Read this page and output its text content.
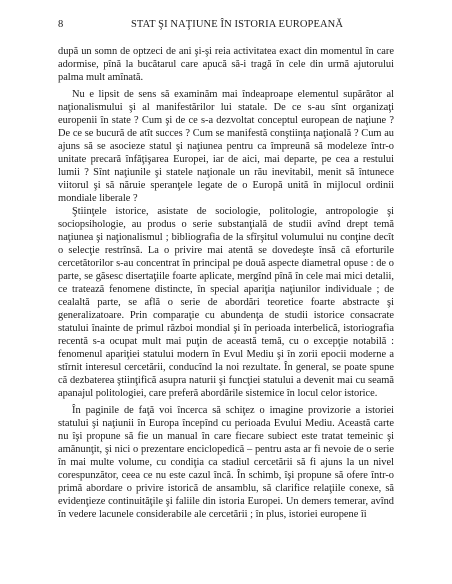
8	STAT ŞI NAŢIUNE ÎN ISTORIA EUROPEANĂ

după un somn de optzeci de ani şi-şi reia activitatea exact din momentul în care adormise, pînă la bucătarul care apucă să-i tragă în cele din urmă ajutorului palma mult amînată.

Nu e lipsit de sens să examinăm mai îndeaproape elementul supărător al naţionalismului şi al manifestărilor lui statale. De ce s-au sînt organizaţi europenii în state ? Cum şi de ce s-a dezvoltat conceptul european de naţiune ? De ce se bucură de atît succes ? Cum se manifestă conştiinţa naţională ? Cum au ajuns să se asocieze statul şi naţiunea pentru ca împreună să modeleze într-o unitate precară înfăţişarea Europei, iar de aici, mai departe, pe cea a restului lumii ? Sînt naţiunile şi statele naţionale un rău inevitabil, menit să întunece viitorul şi să năruie speranţele legate de o Europă unită în mijlocul ordinii mondiale liberale ?

Ştiinţele istorice, asistate de sociologie, politologie, antropologie şi sociopsihologie, au produs o serie substanţială de studii avînd drept temă naţiunea şi naţionalismul ; bibliografia de la sfîrşitul volumului nu conţine decît o selecţie restrînsă. La o privire mai atentă se dovedeşte însă că eforturile cercetătorilor s-au concentrat în principal pe două aspecte diametral opuse : de o parte, se găsesc disertaţiile foarte aplicate, mergînd pînă în cele mai mici detalii, ce tratează fenomene distincte, în special apariţia naţiunilor individuale ; de cealaltă parte, se află o serie de abordări teoretice foarte abstracte şi generalizatoare. Prin comparaţie cu abundenţa de studii istorice consacrate statului înainte de primul război mondial şi în perioada interbelică, istoriografia recentă s-a ocupat mult mai puţin de această temă, cu o excepţie notabilă : fenomenul apariţiei statului modern în Evul Mediu şi în zorii epocii moderne a stîrnit interesul cercetării, conducînd la noi rezultate. În general, se poate spune că dezbaterea ştiinţifică asupra naturii şi funcţiei statului a devenit mai cu seamă apanajul politologiei, care preferă abordările sistemice în locul celor istorice.

În paginile de faţă voi încerca să schiţez o imagine provizorie a istoriei statului şi naţiunii în Europa începînd cu perioada Evului Mediu. Această carte nu îşi propune să fie un manual în care fiecare subiect este tratat temeinic şi amănunţit, şi nici o prezentare enciclopedică – pentru asta ar fi nevoie de o serie în mai multe volume, cu condiţia ca stadiul cercetării să fi ajuns la un nivel corespunzător, ceea ce nu este cazul încă. În schimb, îşi propune să ofere într-o primă abordare o privire istorică de ansamblu, să clarifice relaţiile conexe, să evidenţieze continuităţile şi faliile din istoria Europei. Un demers temerar, avînd în vedere lacunele considerabile ale cercetării ; în plus, istoriei europene îi
